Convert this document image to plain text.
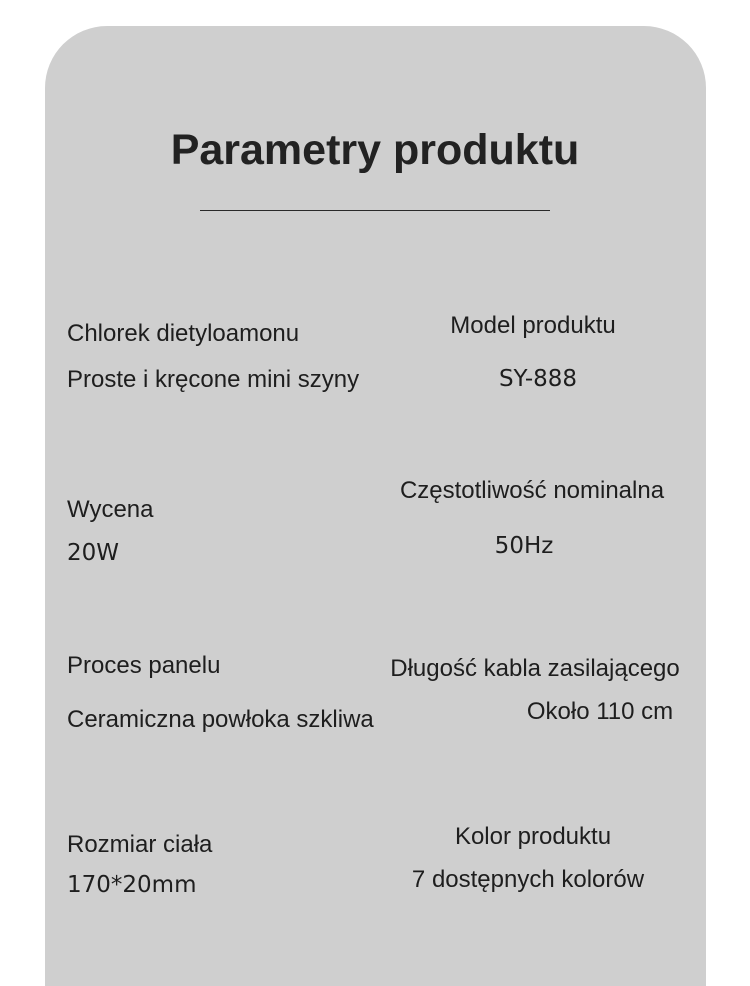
Parametry produktu
Chlorek dietyloamonu
Proste i kręcone mini szyny
Model produktu
SY-888
Wycena
20W
Częstotliwość nominalna
50Hz
Proces panelu
Ceramiczna powłoka szkliwa
Długość kabla zasilającego
Około 110 cm
Rozmiar ciała
170*20mm
Kolor produktu
7 dostępnych kolorów
